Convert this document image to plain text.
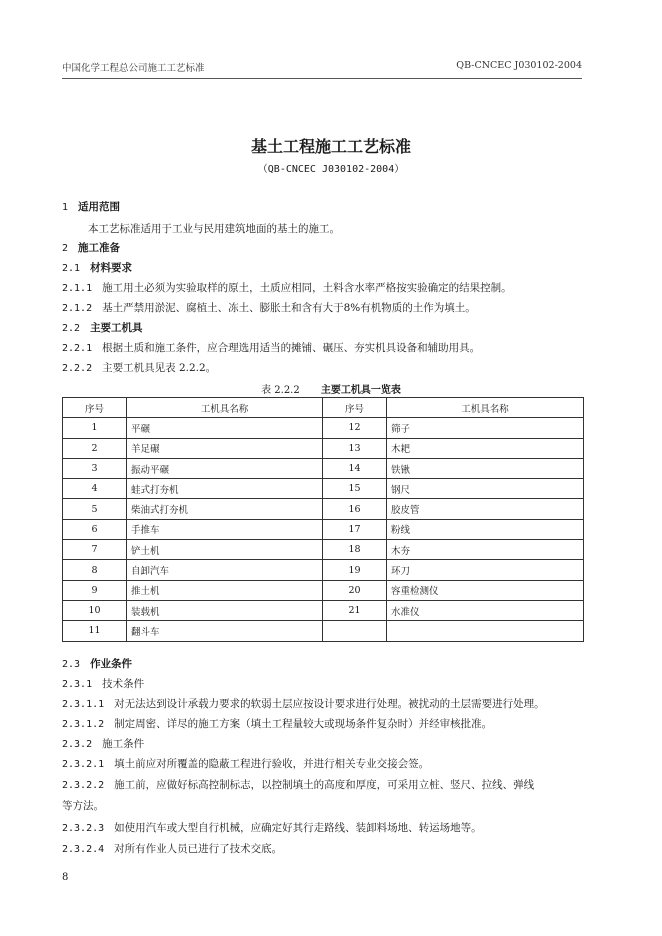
中国化学工程总公司施工工艺标准	QB-CNCEC J030102-2004
基土工程施工工艺标准
（QB-CNCEC J030102-2004）
1 适用范围
本工艺标准适用于工业与民用建筑地面的基土的施工。
2 施工准备
2.1 材料要求
2.1.1 施工用土必须为实验取样的原土，土质应相同，土料含水率严格按实验确定的结果控制。
2.1.2 基土严禁用淤泥、腐植土、冻土、膨胀土和含有大于8%有机物质的土作为填土。
2.2 主要工机具
2.2.1 根据土质和施工条件，应合理选用适当的摊铺、碾压、夯实机具设备和辅助用具。
2.2.2 主要工机具见表 2.2.2。
表 2.2.2 主要工机具一览表
序号	工机具名称	序号	工机具名称
1	平碾	12	筛子
2	羊足碾	13	木耙
3	振动平碾	14	铁锹
4	蛙式打夯机	15	钢尺
5	柴油式打夯机	16	胶皮管
6	手推车	17	粉线
7	铲土机	18	木夯
8	自卸汽车	19	环刀
9	推土机	20	容重检测仪
10	装载机	21	水准仪
11	翻斗车		
2.3 作业条件
2.3.1 技术条件
2.3.1.1 对无法达到设计承载力要求的软弱土层应按设计要求进行处理。被扰动的土层需要进行处理。
2.3.1.2 制定周密、详尽的施工方案（填土工程量较大或现场条件复杂时）并经审核批准。
2.3.2 施工条件
2.3.2.1 填土前应对所覆盖的隐蔽工程进行验收，并进行相关专业交接会签。
2.3.2.2 施工前，应做好标高控制标志，以控制填土的高度和厚度，可采用立桩、竖尺、拉线、弹线
等方法。
2.3.2.3 如使用汽车或大型自行机械，应确定好其行走路线、装卸料场地、转运场地等。
2.3.2.4 对所有作业人员已进行了技术交底。
8
